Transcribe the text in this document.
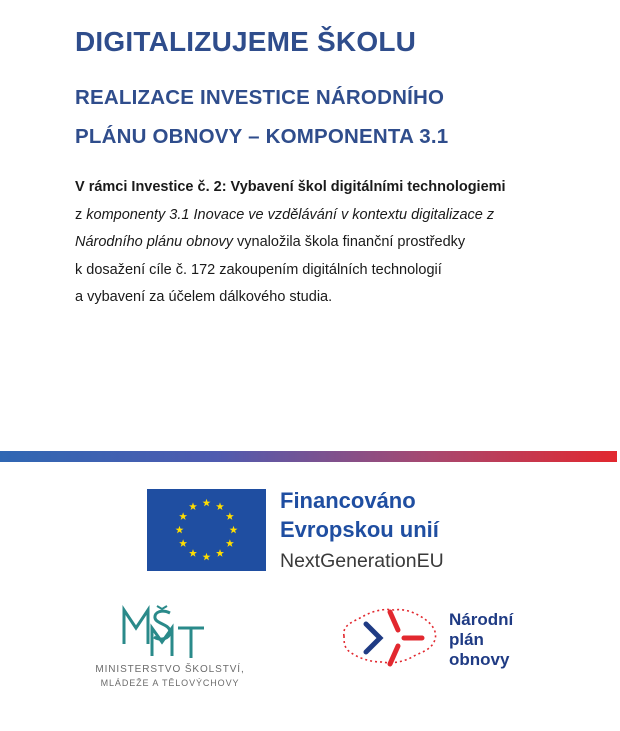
DIGITALIZUJEME ŠKOLU
REALIZACE INVESTICE NÁRODNÍHO
PLÁNU OBNOVY – KOMPONENTA 3.1
V rámci Investice č. 2: Vybavení škol digitálními technologiemi
z komponenty 3.1 Inovace ve vzdělávání v kontextu digitalizace z
Národního plánu obnovy vynaložila škola finanční prostředky
k dosažení cíle č. 172 zakoupením digitálních technologií
a vybavení za účelem dálkového studia.

Financováno

Evropskou unií

NextGenerationEU

MINISTERSTVO ŠKOLSTVÍ,

MLÁDEŽE A TĚLOVÝCHOVY

Národní
plán
obnovy
